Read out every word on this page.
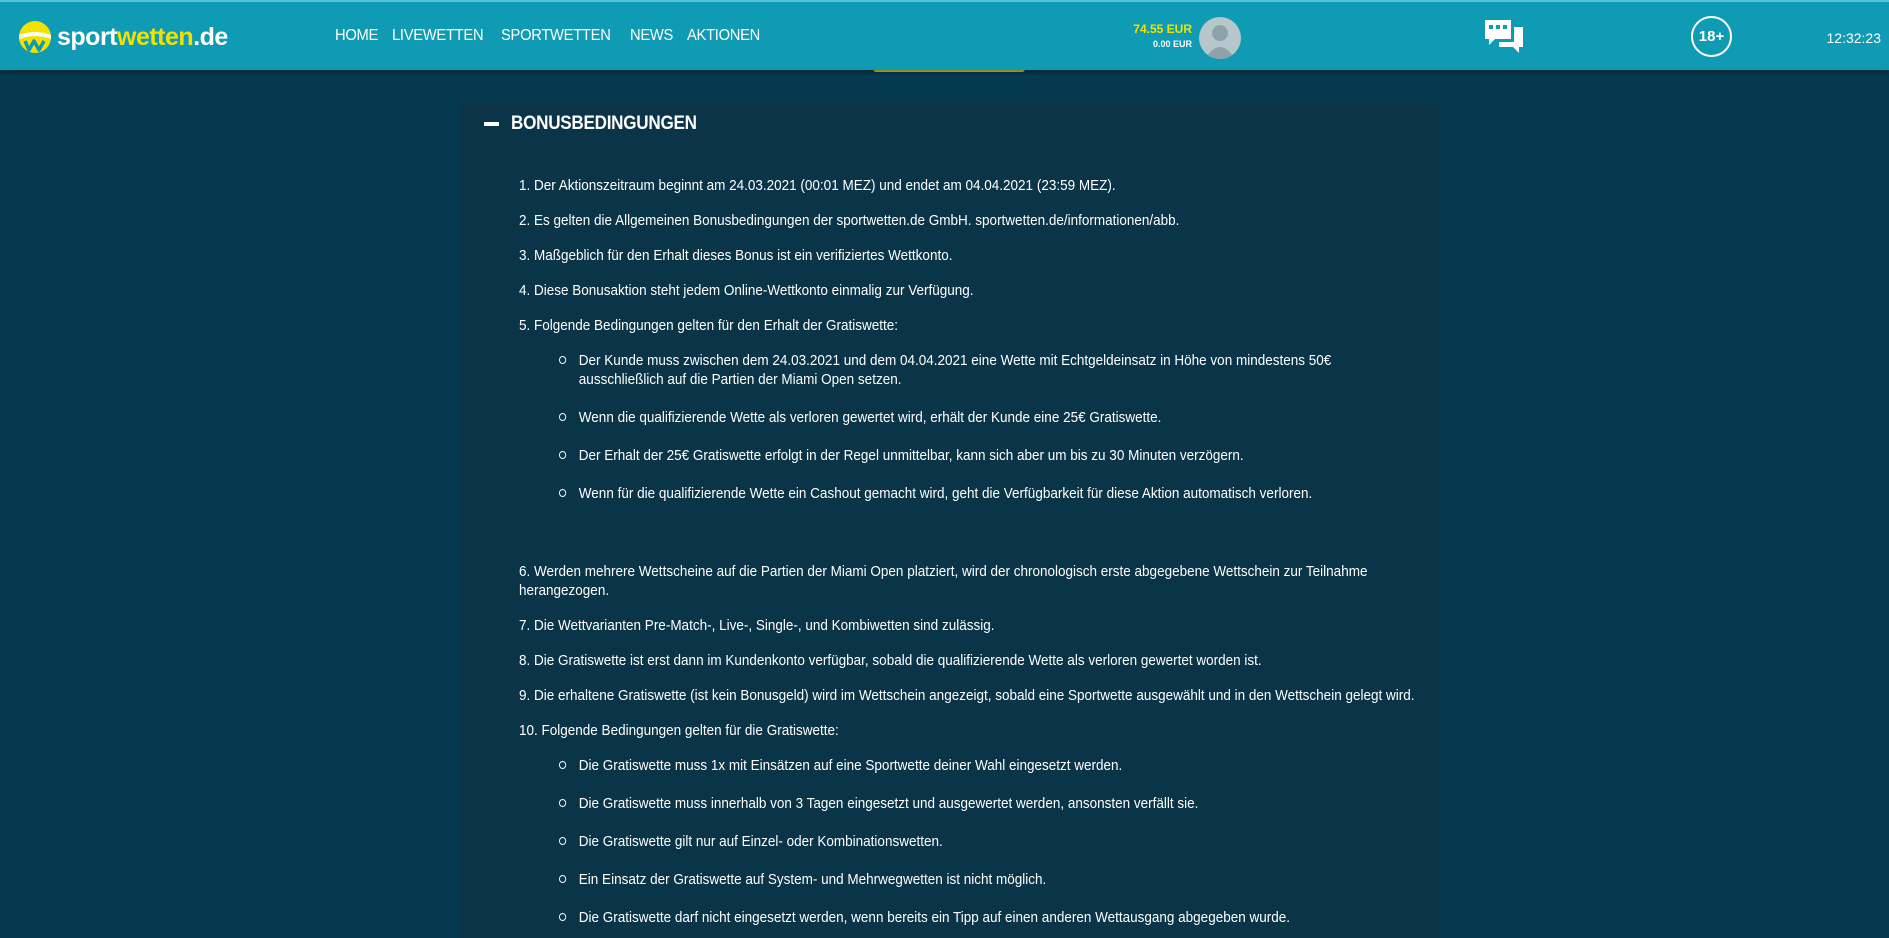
sportwetten.de	HOME LIVEWETTEN SPORTWETTEN NEWS AKTIONEN	74.55 EUR
0.00 EUR	18+	12:32:23
BONUSBEDINGUNGEN
1. Der Aktionszeitraum beginnt am 24.03.2021 (00:01 MEZ) und endet am 04.04.2021 (23:59 MEZ).
2. Es gelten die Allgemeinen Bonusbedingungen der sportwetten.de GmbH. sportwetten.de/informationen/abb.
3. Maßgeblich für den Erhalt dieses Bonus ist ein verifiziertes Wettkonto.
4. Diese Bonusaktion steht jedem Online-Wettkonto einmalig zur Verfügung.
5. Folgende Bedingungen gelten für den Erhalt der Gratiswette:
Der Kunde muss zwischen dem 24.03.2021 und dem 04.04.2021 eine Wette mit Echtgeldeinsatz in Höhe von mindestens 50€ ausschließlich auf die Partien der Miami Open setzen.
Wenn die qualifizierende Wette als verloren gewertet wird, erhält der Kunde eine 25€ Gratiswette.
Der Erhalt der 25€ Gratiswette erfolgt in der Regel unmittelbar, kann sich aber um bis zu 30 Minuten verzögern.
Wenn für die qualifizierende Wette ein Cashout gemacht wird, geht die Verfügbarkeit für diese Aktion automatisch verloren.
6. Werden mehrere Wettscheine auf die Partien der Miami Open platziert, wird der chronologisch erste abgegebene Wettschein zur Teilnahme herangezogen.
7. Die Wettvarianten Pre-Match-, Live-, Single-, und Kombiwetten sind zulässig.
8. Die Gratiswette ist erst dann im Kundenkonto verfügbar, sobald die qualifizierende Wette als verloren gewertet worden ist.
9. Die erhaltene Gratiswette (ist kein Bonusgeld) wird im Wettschein angezeigt, sobald eine Sportwette ausgewählt und in den Wettschein gelegt wird.
10. Folgende Bedingungen gelten für die Gratiswette:
Die Gratiswette muss 1x mit Einsätzen auf eine Sportwette deiner Wahl eingesetzt werden.
Die Gratiswette muss innerhalb von 3 Tagen eingesetzt und ausgewertet werden, ansonsten verfällt sie.
Die Gratiswette gilt nur auf Einzel- oder Kombinationswetten.
Ein Einsatz der Gratiswette auf System- und Mehrwegwetten ist nicht möglich.
Die Gratiswette darf nicht eingesetzt werden, wenn bereits ein Tipp auf einen anderen Wettausgang abgegeben wurde.
